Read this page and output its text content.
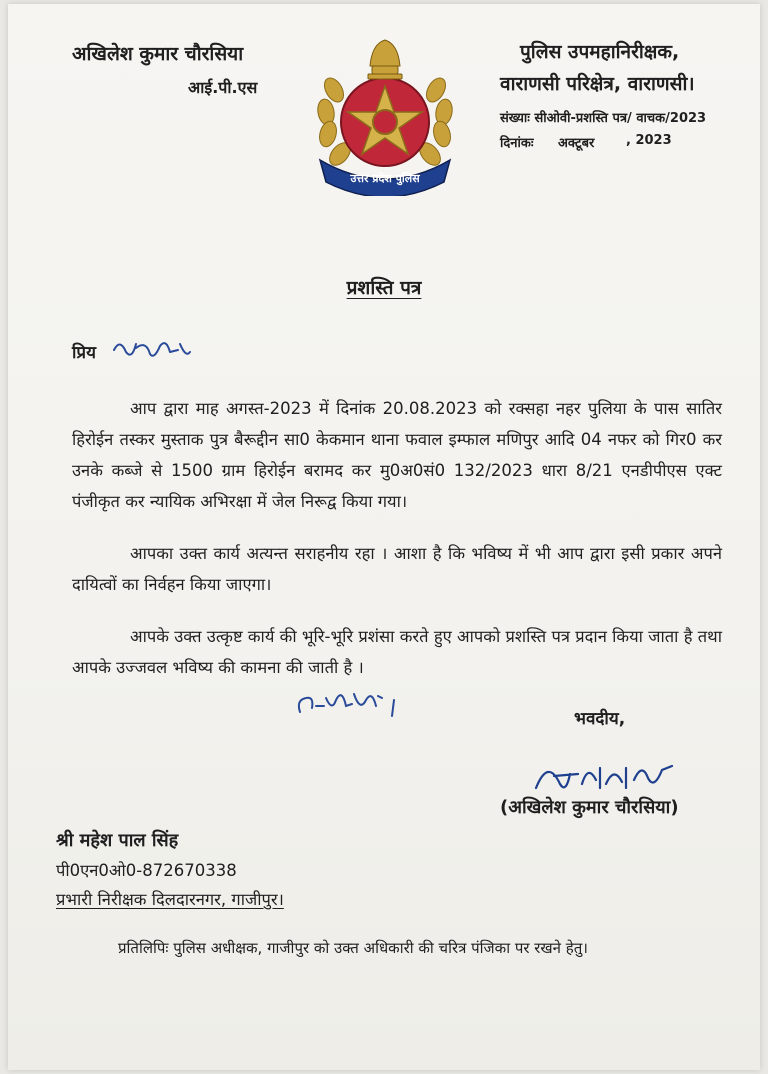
अखिलेश कुमार चौरसिया
आई.पी.एस
उत्तर प्रदेश पुलिस
पुलिस उपमहानिरीक्षक,
वाराणसी परिक्षेत्र, वाराणसी।
संख्याः सीओवी-प्रशस्ति पत्र/ वाचक/2023
दिनांकः अक्टूबर , 2023
प्रशस्ति पत्र
प्रिय
आप द्वारा माह अगस्त-2023 में दिनांक 20.08.2023 को रक्सहा नहर पुलिया के पास सातिर हिरोईन तस्कर मुस्ताक पुत्र बैरूद्दीन सा0 केकमान थाना फवाल इम्फाल मणिपुर आदि 04 नफर को गिर0 कर उनके कब्जे से 1500 ग्राम हिरोईन बरामद कर मु0अ0सं0 132/2023 धारा 8/21 एनडीपीएस एक्ट पंजीकृत कर न्यायिक अभिरक्षा में जेल निरूद्व किया गया।
आपका उक्त कार्य अत्यन्त सराहनीय रहा । आशा है कि भविष्य में भी आप द्वारा इसी प्रकार अपने दायित्वों का निर्वहन किया जाएगा।
आपके उक्त उत्कृष्ट कार्य की भूरि-भूरि प्रशंसा करते हुए आपको प्रशस्ति पत्र प्रदान किया जाता है तथा आपके उज्जवल भविष्य की कामना की जाती है ।
भवदीय,
(अखिलेश कुमार चौरसिया)
श्री महेश पाल सिंह
पी0एन0ओ0-872670338
प्रभारी निरीक्षक दिलदारनगर, गाजीपुर।
प्रतिलिपिः पुलिस अधीक्षक, गाजीपुर को उक्त अधिकारी की चरित्र पंजिका पर रखने हेतु।
